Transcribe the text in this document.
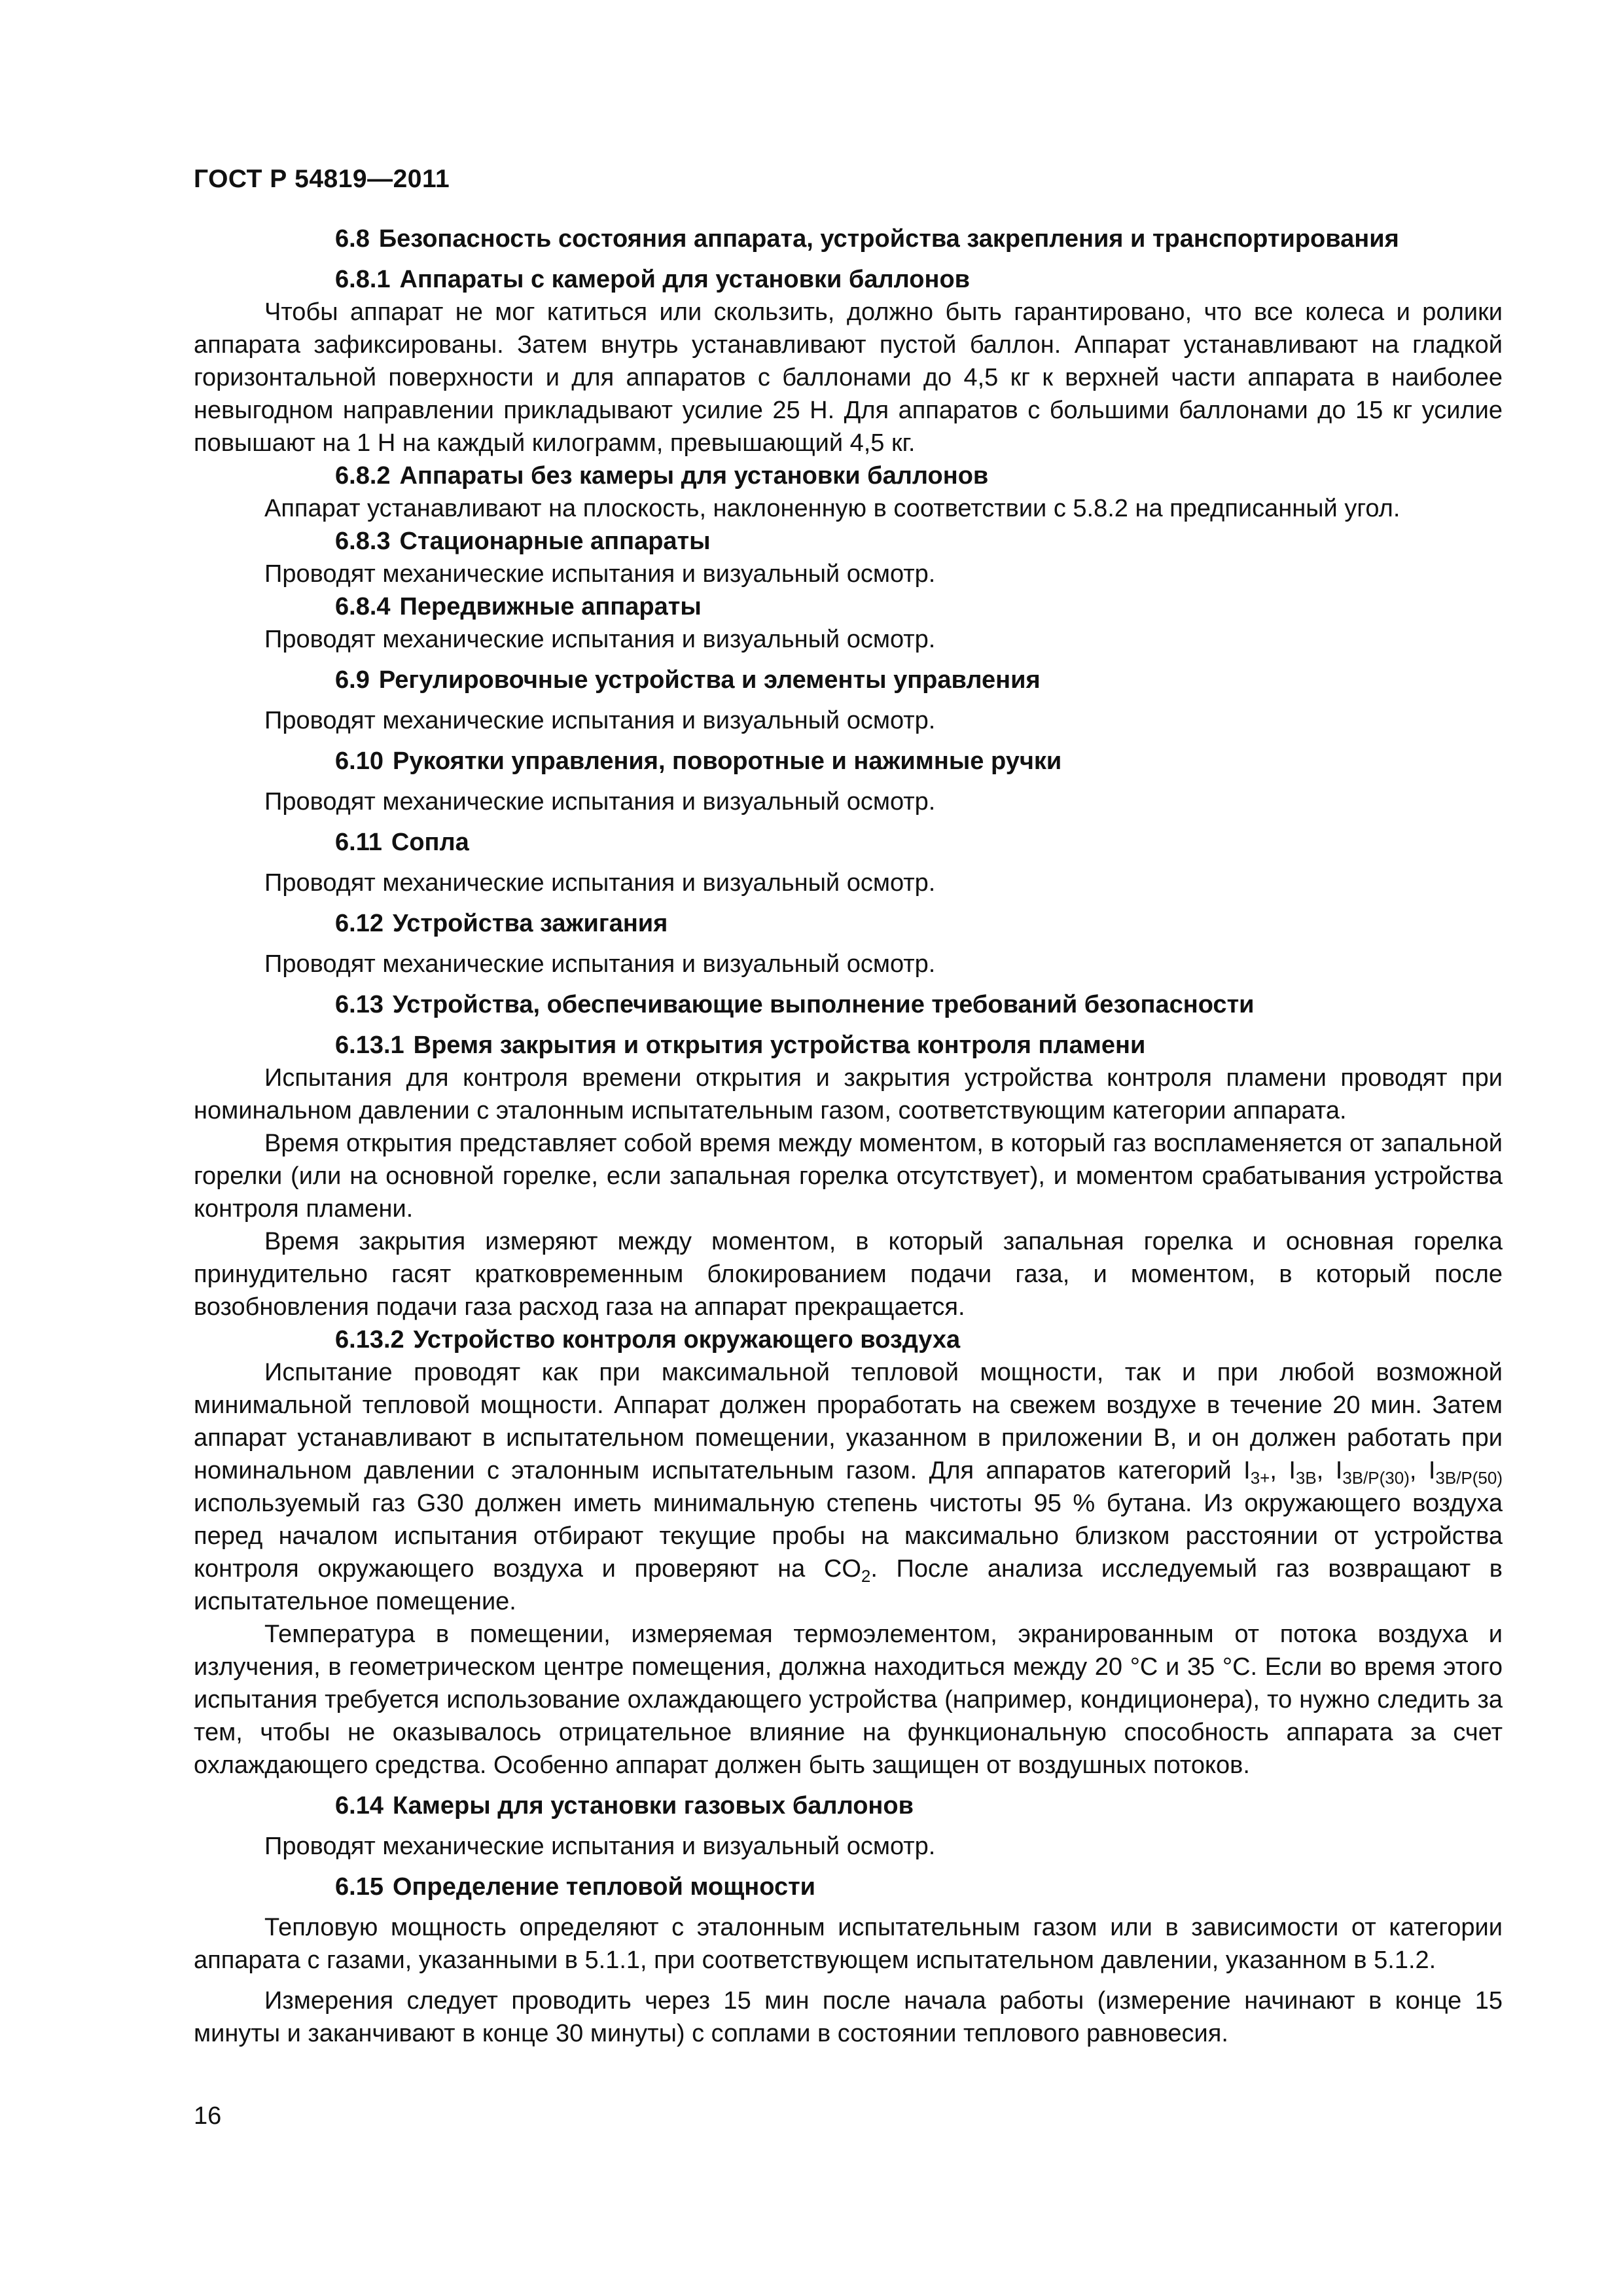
ГОСТ Р 54819—2011

6.8 Безопасность состояния аппарата, устройства закрепления и транспортирования

6.8.1 Аппараты с камерой для установки баллонов

Чтобы аппарат не мог катиться или скользить, должно быть гарантировано, что все колеса и ролики аппарата зафиксированы. Затем внутрь устанавливают пустой баллон. Аппарат устанавливают на гладкой горизонтальной поверхности и для аппаратов с баллонами до 4,5 кг к верхней части аппарата в наиболее невыгодном направлении прикладывают усилие 25 Н. Для аппаратов с большими баллонами до 15 кг усилие повышают на 1 Н на каждый килограмм, превышающий 4,5 кг.

6.8.2 Аппараты без камеры для установки баллонов

Аппарат устанавливают на плоскость, наклоненную в соответствии с 5.8.2 на предписанный угол.

6.8.3 Стационарные аппараты

Проводят механические испытания и визуальный осмотр.

6.8.4 Передвижные аппараты

Проводят механические испытания и визуальный осмотр.

6.9 Регулировочные устройства и элементы управления

Проводят механические испытания и визуальный осмотр.

6.10 Рукоятки управления, поворотные и нажимные ручки

Проводят механические испытания и визуальный осмотр.

6.11 Сопла

Проводят механические испытания и визуальный осмотр.

6.12 Устройства зажигания

Проводят механические испытания и визуальный осмотр.

6.13 Устройства, обеспечивающие выполнение требований безопасности

6.13.1 Время закрытия и открытия устройства контроля пламени

Испытания для контроля времени открытия и закрытия устройства контроля пламени проводят при номинальном давлении с эталонным испытательным газом, соответствующим категории аппарата.

Время открытия представляет собой время между моментом, в который газ воспламеняется от запальной горелки (или на основной горелке, если запальная горелка отсутствует), и моментом срабатывания устройства контроля пламени.

Время закрытия измеряют между моментом, в который запальная горелка и основная горелка принудительно гасят кратковременным блокированием подачи газа, и моментом, в который после возобновления подачи газа расход газа на аппарат прекращается.

6.13.2 Устройство контроля окружающего воздуха

Испытание проводят как при максимальной тепловой мощности, так и при любой возможной минимальной тепловой мощности. Аппарат должен проработать на свежем воздухе в течение 20 мин. Затем аппарат устанавливают в испытательном помещении, указанном в приложении В, и он должен работать при номинальном давлении с эталонным испытательным газом. Для аппаратов категорий $I_{3+}$, $I_{3B}$, $I_{3B/P(30)}$, $I_{3B/P(50)}$ используемый газ G30 должен иметь минимальную степень чистоты 95 % бутана. Из окружающего воздуха перед началом испытания отбирают текущие пробы на максимально близком расстоянии от устройства контроля окружающего воздуха и проверяют на $CO_2$. После анализа исследуемый газ возвращают в испытательное помещение.

Температура в помещении, измеряемая термоэлементом, экранированным от потока воздуха и излучения, в геометрическом центре помещения, должна находиться между 20 °С и 35 °С. Если во время этого испытания требуется использование охлаждающего устройства (например, кондиционера), то нужно следить за тем, чтобы не оказывалось отрицательное влияние на функциональную способность аппарата за счет охлаждающего средства. Особенно аппарат должен быть защищен от воздушных потоков.

6.14 Камеры для установки газовых баллонов

Проводят механические испытания и визуальный осмотр.

6.15 Определение тепловой мощности

Тепловую мощность определяют с эталонным испытательным газом или в зависимости от категории аппарата с газами, указанными в 5.1.1, при соответствующем испытательном давлении, указанном в 5.1.2.

Измерения следует проводить через 15 мин после начала работы (измерение начинают в конце 15 минуты и заканчивают в конце 30 минуты) с соплами в состоянии теплового равновесия.

16
